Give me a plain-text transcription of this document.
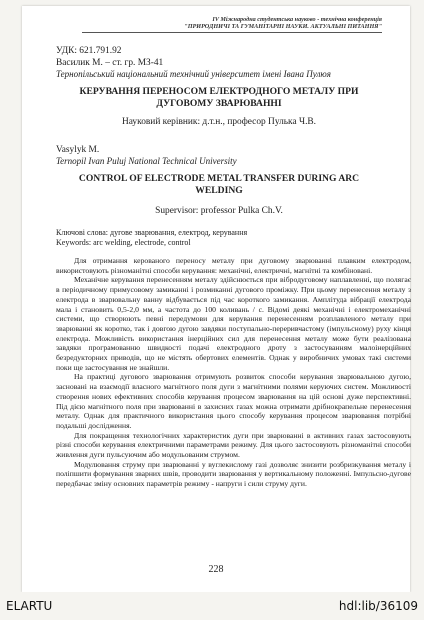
IV Міжнародна студентська науково - технічна конференція
"ПРИРОДНИЧІ ТА ГУМАНІТАРНІ НАУКИ. АКТУАЛЬНІ ПИТАННЯ"
УДК: 621.791.92
Василик М. – ст. гр. МЗ-41
Тернопільський національний технічний університет імені Івана Пулюя
КЕРУВАННЯ ПЕРЕНОСОМ ЕЛЕКТРОДНОГО МЕТАЛУ ПРИ ДУГОВОМУ ЗВАРЮВАННІ
Науковий керівник: д.т.н., професор Пулька Ч.В.
Vasylyk M.
Ternopil Ivan Puluj National Technical University
CONTROL OF ELECTRODE METAL TRANSFER DURING ARC WELDING
Supervisor: professor Pulka Ch.V.
Ключові слова: дугове зварювання, електрод, керування
Keywords: arc welding, electrode, control

Для отримання керованого переносу металу при дуговому зварюванні плавким електродом, використовують різноманітні способи керування: механічні, електричні, магнітні та комбіновані.

Механічне керування перенесенням металу здійснюється при вібродуговому наплавленні, що полягає в періодичному примусовому замиканні і розмиканні дугового проміжку. При цьому перенесення металу з електрода в зварювальну ванну відбувається під час короткого замикання. Амплітуда вібрації електрода мала і становить 0,5-2,0 мм, а частота до 100 коливань / с. Відомі деякі механічні і електромеханічні системи, що створюють певні передумови для керування перенесенням розплавленого металу при зварюванні як коротко, так і довгою дугою завдяки поступально-переривчастому (імпульсному) руху кінця електрода. Можливість використання інерційних сил для перенесення металу може бути реалізована завдяки програмованню швидкості подачі електродного дроту з застосуванням малоінерційних безредукторних приводів, що не містять обертових елементів. Однак у виробничих умовах такі системи поки ще застосування не знайшли.

На практиці дугового зварювання отримують розвиток способи керування зварювальною дугою, засновані на взаємодії власного магнітного поля дуги з магнітними полями керуючих систем. Можливості створення нових ефективних способів керування процесом зварювання на цій основі дуже перспективні. Під дією магнітного поля при зварюванні в захисних газах можна отримати дрібнокрапельне перенесення металу. Однак для практичного використання цього способу керування процесом зварювання потрібні подальші дослідження.

Для покращення технологічних характеристик дуги при зварюванні в активних газах застосовують різні способи керування електричними параметрами режиму. Для цього застосовують різноманітні способи живлення дуги пульсуючим або модульованим струмом.

Модулювання струму при зварюванні у вуглекислому газі дозволяє знизити розбризкування металу і поліпшити формування зварних швів, проводити зварювання у вертикальному положенні. Імпульсно-дугове передбачає зміну основних параметрів режиму - напруги і сили струму дуги.

228
ELARTU	hdl:lib/36109
